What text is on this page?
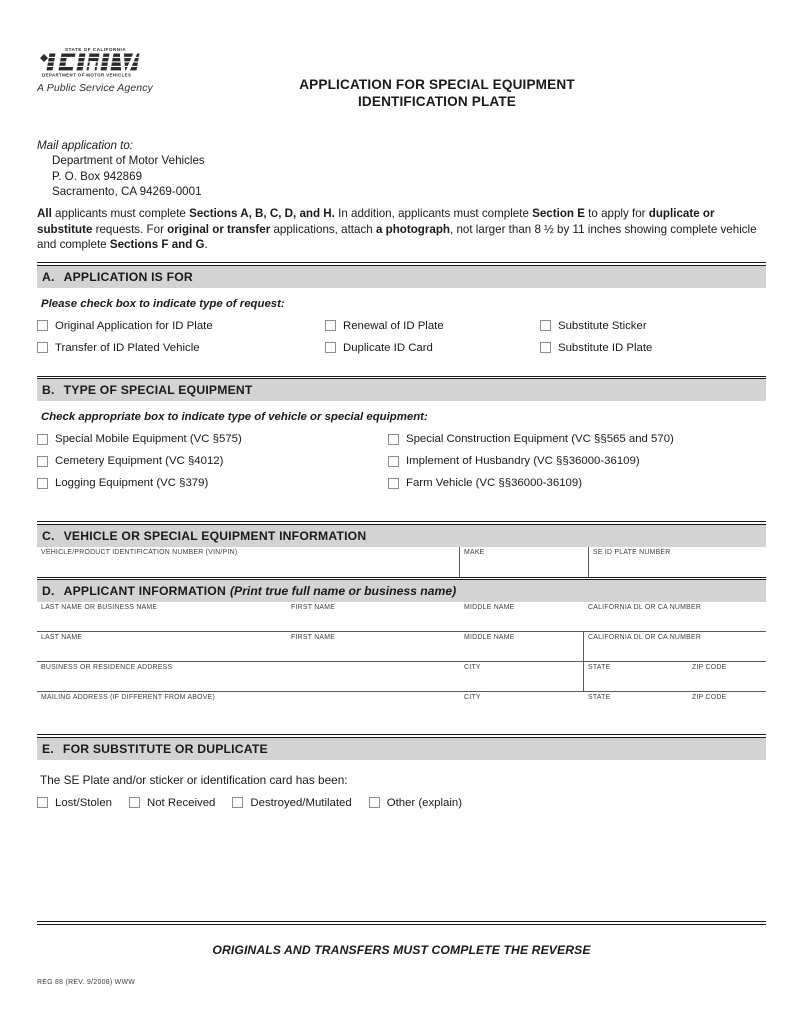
STATE OF CALIFORNIA
DEPARTMENT OF MOTOR VEHICLES
A Public Service Agency	APPLICATION FOR SPECIAL EQUIPMENT
IDENTIFICATION PLATE
Mail application to:
Department of Motor Vehicles
P. O. Box 942869
Sacramento, CA 94269-0001
All applicants must complete Sections A, B, C, D, and H. In addition, applicants must complete Section E to apply for duplicate or substitute requests. For original or transfer applications, attach a photograph, not larger than 8 ½ by 11 inches showing complete vehicle and complete Sections F and G.
A. APPLICATION IS FOR
Please check box to indicate type of request:
Original Application for ID Plate	Renewal of ID Plate	Substitute Sticker
Transfer of ID Plated Vehicle	Duplicate ID Card	Substitute ID Plate
B. TYPE OF SPECIAL EQUIPMENT
Check appropriate box to indicate type of vehicle or special equipment:
Special Mobile Equipment (VC §575)	Special Construction Equipment (VC §§565 and 570)
Cemetery Equipment (VC §4012)	Implement of Husbandry (VC §§36000-36109)
Logging Equipment (VC §379)	Farm Vehicle (VC §§36000-36109)
C. VEHICLE OR SPECIAL EQUIPMENT INFORMATION
VEHICLE/PRODUCT IDENTIFICATION NUMBER (VIN/PIN)	MAKE	SE ID PLATE NUMBER
D. APPLICANT INFORMATION (Print true full name or business name)
LAST NAME OR BUSINESS NAME	FIRST NAME	MIDDLE NAME	CALIFORNIA DL OR CA NUMBER
LAST NAME	FIRST NAME	MIDDLE NAME	CALIFORNIA DL OR CA NUMBER
BUSINESS OR RESIDENCE ADDRESS	CITY	STATE	ZIP CODE
MAILING ADDRESS (IF DIFFERENT FROM ABOVE)	CITY	STATE	ZIP CODE
E. FOR SUBSTITUTE OR DUPLICATE
The SE Plate and/or sticker or identification card has been:
Lost/Stolen	Not Received	Destroyed/Mutilated	Other (explain)
ORIGINALS AND TRANSFERS MUST COMPLETE THE REVERSE
REG 88 (REV. 9/2008) WWW
